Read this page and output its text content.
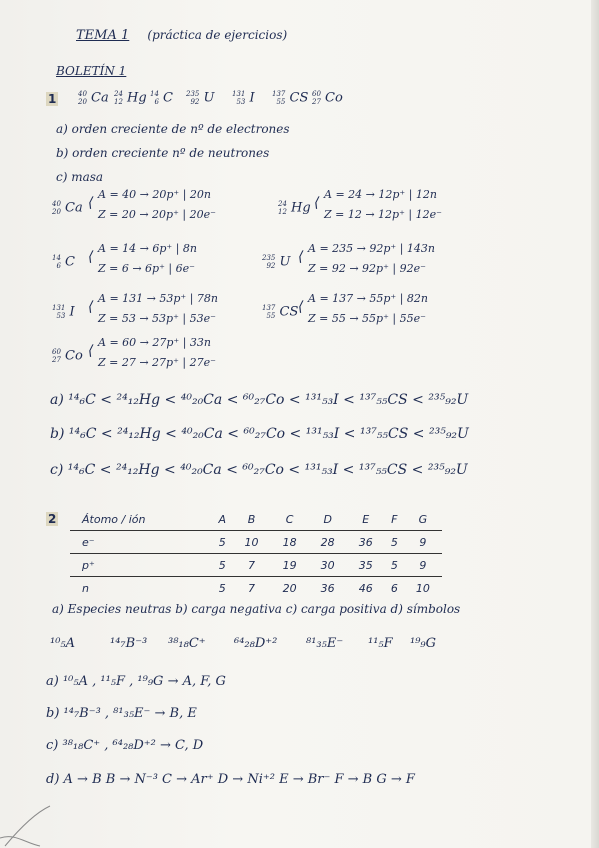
TEMA 1 (práctica de ejercicios)
BOLETÍN 1
1	40
20 Ca 24
12 Hg 14
6 C 235
92 U	131
53 I 137
55 CS 60
27 Co
a) orden creciente de nº de electrones
b) orden creciente nº de neutrones
c) masa
40
20 Ca ⟨
A = 40 → 20p⁺ | 20n
Z = 20 → 20p⁺ | 20e⁻
24
12 Hg ⟨
A = 24 → 12p⁺ | 12n
Z = 12 → 12p⁺ | 12e⁻
14
6 C ⟨
A = 14 → 6p⁺ | 8n
Z = 6 → 6p⁺ | 6e⁻
235
92 U ⟨
A = 235 → 92p⁺ | 143n
Z = 92 → 92p⁺ | 92e⁻
131
53 I ⟨
A = 131 → 53p⁺ | 78n
Z = 53 → 53p⁺ | 53e⁻
137
55 CS ⟨
A = 137 → 55p⁺ | 82n
Z = 55 → 55p⁺ | 55e⁻
60
27 Co ⟨
A = 60 → 27p⁺ | 33n
Z = 27 → 27p⁺ | 27e⁻
a) ¹⁴₆C < ²⁴₁₂Hg < ⁴⁰₂₀Ca < ⁶⁰₂₇Co < ¹³¹₅₃I < ¹³⁷₅₅CS < ²³⁵₉₂U
b) ¹⁴₆C < ²⁴₁₂Hg < ⁴⁰₂₀Ca < ⁶⁰₂₇Co < ¹³¹₅₃I < ¹³⁷₅₅CS < ²³⁵₉₂U
c) ¹⁴₆C < ²⁴₁₂Hg < ⁴⁰₂₀Ca < ⁶⁰₂₇Co < ¹³¹₅₃I < ¹³⁷₅₅CS < ²³⁵₉₂U
2 Átomo / ión	A	B	C	D	E	F	G
e⁻	5	10	18	28	36	5	9
p⁺	5	7	19	30	35	5	9
n	5	7	20	36	46	6	10
a) Especies neutras b) carga negativa c) carga positiva d) símbolos
¹⁰₅A	¹⁴₇B⁻³ ³⁸₁₈C⁺ ⁶⁴₂₈D⁺² ⁸¹₃₅E⁻ ¹¹₅F ¹⁹₉G
a) ¹⁰₅A , ¹¹₅F , ¹⁹₉G → A, F, G
b) ¹⁴₇B⁻³ , ⁸¹₃₅E⁻ → B, E
c) ³⁸₁₈C⁺ , ⁶⁴₂₈D⁺² → C, D
d) A → B B → N⁻³ C → Ar⁺ D → Ni⁺² E → Br⁻ F → B G → F
